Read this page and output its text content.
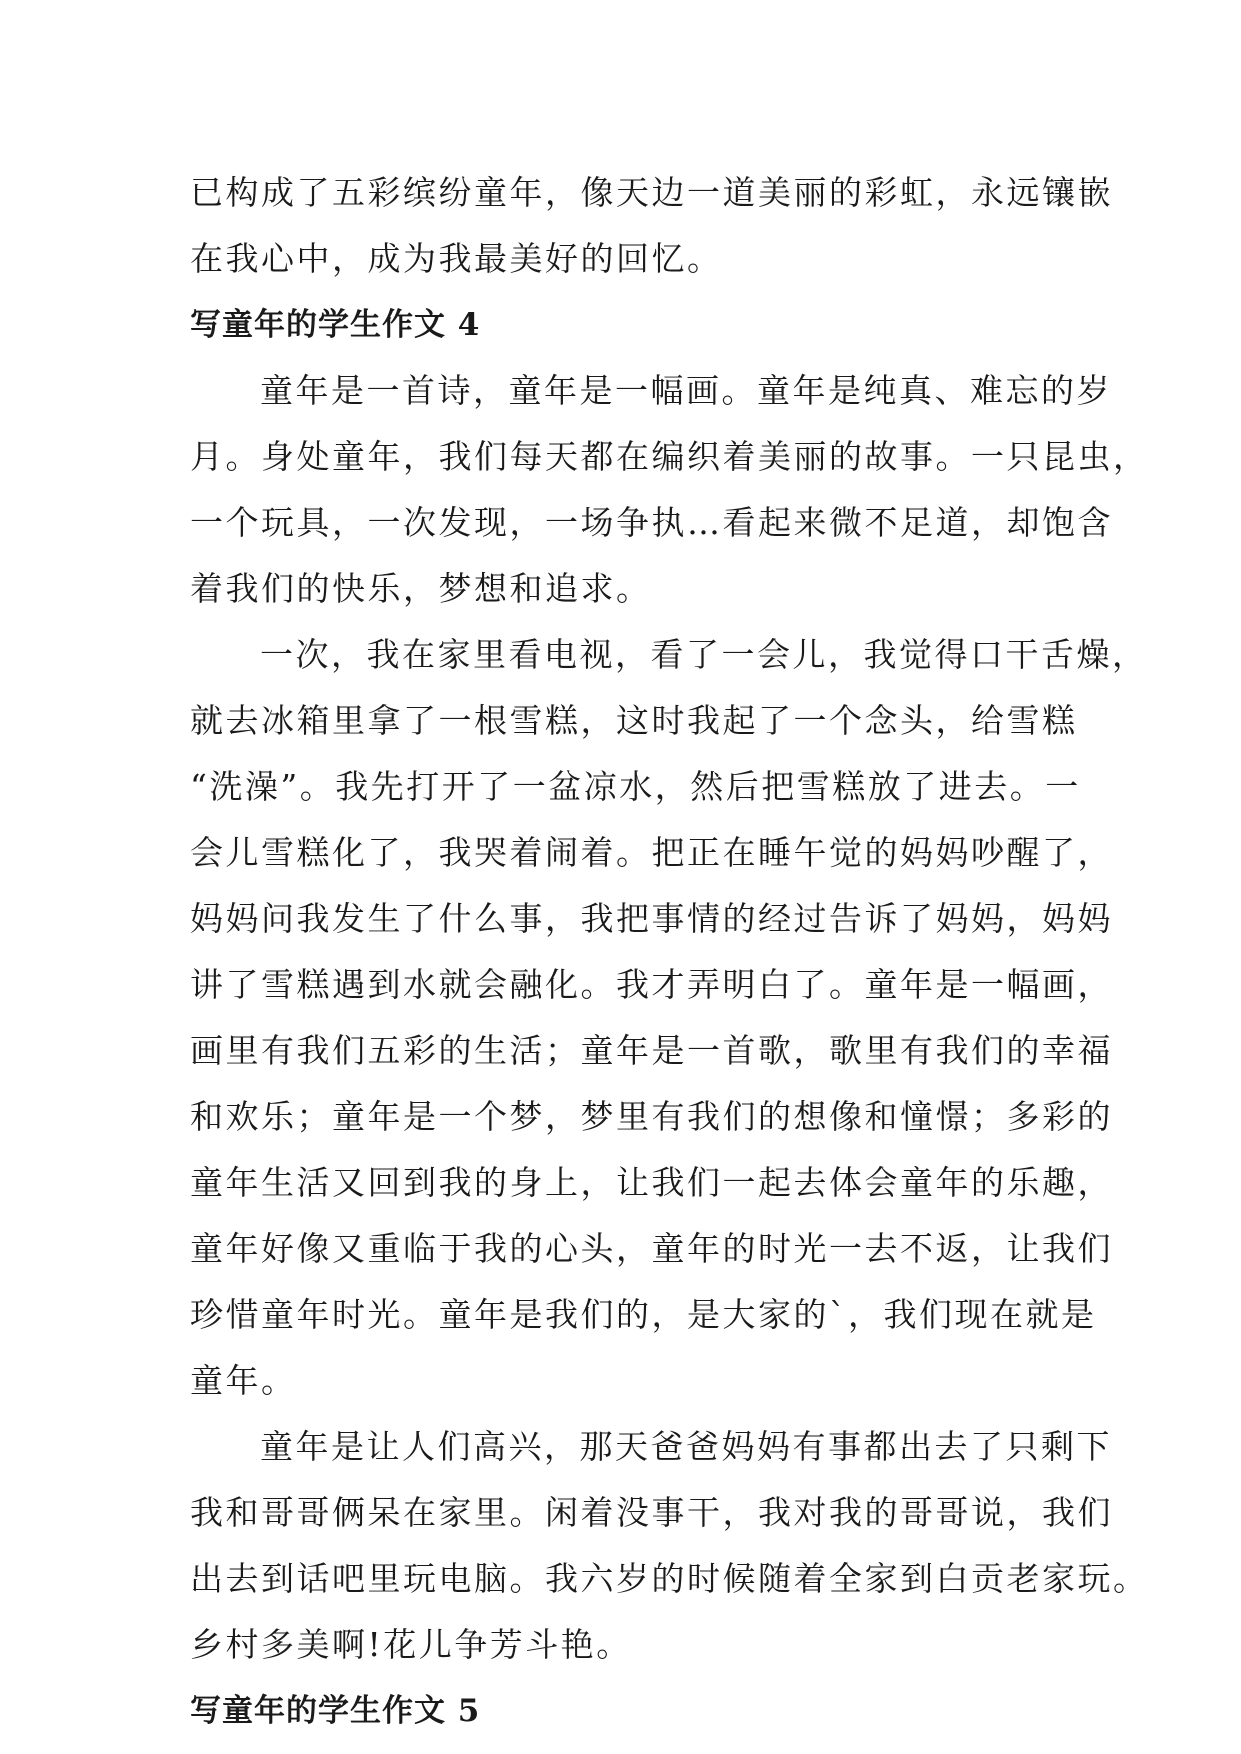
已构成了五彩缤纷童年，像天边一道美丽的彩虹，永远镶嵌
在我心中，成为我最美好的回忆。

写童年的学生作文 4

童年是一首诗，童年是一幅画。童年是纯真、难忘的岁
月。身处童年，我们每天都在编织着美丽的故事。一只昆虫，
一个玩具，一次发现，一场争执…看起来微不足道，却饱含
着我们的快乐，梦想和追求。

一次，我在家里看电视，看了一会儿，我觉得口干舌燥，
就去冰箱里拿了一根雪糕，这时我起了一个念头，给雪糕
“洗澡”。我先打开了一盆凉水，然后把雪糕放了进去。一
会儿雪糕化了，我哭着闹着。把正在睡午觉的妈妈吵醒了，
妈妈问我发生了什么事，我把事情的经过告诉了妈妈，妈妈
讲了雪糕遇到水就会融化。我才弄明白了。童年是一幅画，
画里有我们五彩的生活；童年是一首歌，歌里有我们的幸福
和欢乐；童年是一个梦，梦里有我们的想像和憧憬；多彩的
童年生活又回到我的身上，让我们一起去体会童年的乐趣，
童年好像又重临于我的心头，童年的时光一去不返，让我们
珍惜童年时光。童年是我们的，是大家的`，我们现在就是
童年。

童年是让人们高兴，那天爸爸妈妈有事都出去了只剩下
我和哥哥俩呆在家里。闲着没事干，我对我的哥哥说，我们
出去到话吧里玩电脑。我六岁的时候随着全家到白贡老家玩。
乡村多美啊!花儿争芳斗艳。

写童年的学生作文 5
